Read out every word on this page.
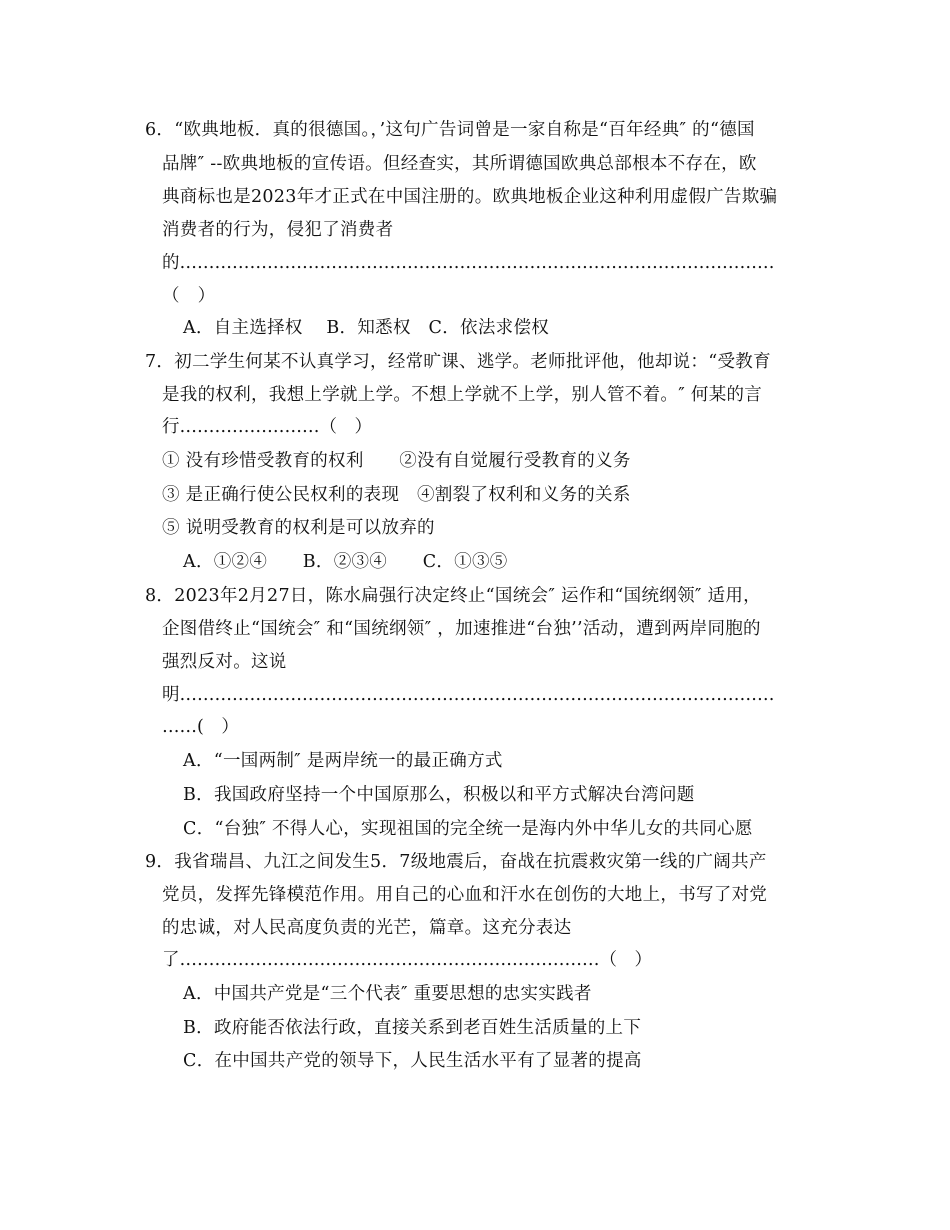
6．“欧典地板．真的很德国。，’这句广告词曾是一家自称是“百年经典″ 的“德国
品牌″ --欧典地板的宣传语。但经查实，其所谓德国欧典总部根本不存在，欧
典商标也是2023年才正式在中国注册的。欧典地板企业这种利用虚假广告欺骗
消费者的行为，侵犯了消费者
的…………………………………………………………………………………………
（　）
A．自主选择权　 B．知悉权　C．依法求偿权
7．初二学生何某不认真学习，经常旷课、逃学。老师批评他，他却说：“受教育
是我的权利，我想上学就上学。不想上学就不上学，别人管不着。″ 何某的言
行……………………（　）
① 没有珍惜受教育的权利　　②没有自觉履行受教育的义务
③ 是正确行使公民权利的表现　④割裂了权利和义务的关系
⑤ 说明受教育的权利是可以放弃的
A．①②④　　B．②③④　　C．①③⑤
8．2023年2月27日，陈水扁强行决定终止“国统会″ 运作和“国统纲领″ 适用，
企图借终止“国统会″ 和“国统纲领″ ，加速推进“台独’’活动，遭到两岸同胞的
强烈反对。这说
明…………………………………………………………………………………………
……(　）
A．“一国两制″ 是两岸统一的最正确方式
B．我国政府坚持一个中国原那么，积极以和平方式解决台湾问题
C．“台独″ 不得人心，实现祖国的完全统一是海内外中华儿女的共同心愿
9．我省瑞昌、九江之间发生5．7级地震后，奋战在抗震救灾第一线的广阔共产
党员，发挥先锋模范作用。用自己的心血和汗水在创伤的大地上，书写了对党
的忠诚，对人民高度负责的光芒，篇章。这充分表达
了………………………………………………………………（　）
A．中国共产党是“三个代表″ 重要思想的忠实实践者
B．政府能否依法行政，直接关系到老百姓生活质量的上下
C．在中国共产党的领导下，人民生活水平有了显著的提高
